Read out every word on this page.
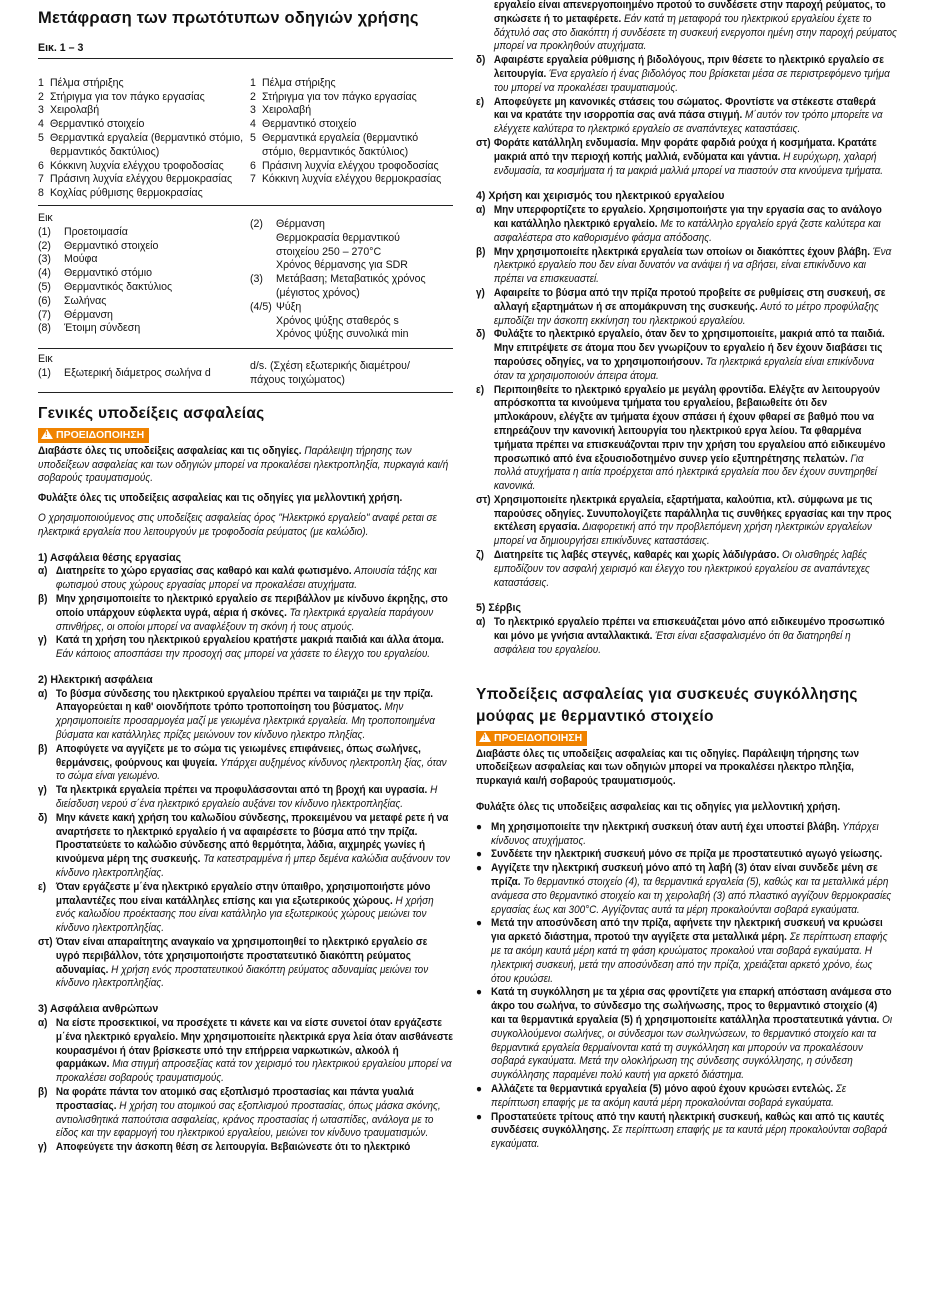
Μετάφραση των πρωτότυπων οδηγιών χρήσης
Εικ. 1 – 3
1 Πέλμα στήριξης
2 Στήριγμα για τον πάγκο εργασίας
3 Χειρολαβή
4 Θερμαντικό στοιχείο
5 Θερμαντικά εργαλεία (θερμαντικό στόμιο, θερμαντικός δακτύλιος)
6 Κόκκινη λυχνία ελέγχου τροφοδοσίας
7 Πράσινη λυχνία ελέγχου θερμοκρασίας
8 Κοχλίας ρύθμισης θερμοκρασίας
1 Πέλμα στήριξης
2 Στήριγμα για τον πάγκο εργασίας
3 Χειρολαβή
4 Θερμαντικό στοιχείο
5 Θερμαντικά εργαλεία (θερμαντικό στόμιο, θερμαντικός δακτύλιος)
6 Πράσινη λυχνία ελέγχου τροφοδοσίας
7 Κόκκινη λυχνία ελέγχου θερμοκρασίας
Εικ
(1)	Προετοιμασία
(2)	Θερμαντικό στοιχείο
(3)	Μούφα
(4)	Θερμαντικό στόμιο
(5)	Θερμαντικός δακτύλιος
(6)	Σωλήνας
(7)	Θέρμανση
(8)	Έτοιμη σύνδεση
(2)	Θέρμανση
Θερμοκρασία θερμαντικού
στοιχείου 250 – 270°C
Χρόνος θέρμανσης για SDR
(3)	Μετάβαση; Μεταβατικός χρόνος
(μέγιστος χρόνος)
(4/5) Ψύξη
Χρόνος ψύξης σταθερός s
Χρόνος ψύξης συνολικά min
Εικ
(1)	Εξωτερική διάμετρος σωλήνα d
d/s. (Σχέση εξωτερικής διαμέτρου/
πάχους τοιχώματος)
Γενικές υποδείξεις ασφαλείας
!ΠΡΟΕΙΔΟΠΟΙΗΣΗ
Διαβάστε όλες τις υποδείξεις ασφαλείας και τις οδηγίες. Παράλειψη τήρησης των υποδείξεων ασφαλείας και των οδηγιών μπορεί να προκαλέσει ηλεκτροπληξία, πυρκαγιά και/ή σοβαρούς τραυματισμούς.
Φυλάξτε όλες τις υποδείξεις ασφαλείας και τις οδηγίες για μελλοντική χρήση.
Ο χρησιμοποιούμενος στις υποδείξεις ασφαλείας όρος "Ηλεκτρικό εργαλείο" αναφέ ρεται σε ηλεκτρικά εργαλεία που λειτουργούν με τροφοδοσία ρεύματος (με καλώδιο).
1) Ασφάλεια θέσης εργασίας
α) Διατηρείτε το χώρο εργασίας σας καθαρό και καλά φωτισμένο. Αποιυσία τάξης και φωτισμού στους χώρους εργασίας μπορεί να προκαλέσει ατυχήματα.
β) Μην χρησιμοποιείτε το ηλεκτρικό εργαλείο σε περιβάλλον με κίνδυνο έκρηξης, στο οποίο υπάρχουν εύφλεκτα υγρά, αέρια ή σκόνες. Τα ηλεκτρικά εργαλεία παράγουν σπινθήρες, οι οποίοι μπορεί να αναφλέξουν τη σκόνη ή τους ατμούς.
γ) Κατά τη χρήση του ηλεκτρικού εργαλείου κρατήστε μακριά παιδιά και άλλα άτομα. Εάν κάποιος αποσπάσει την προσοχή σας μπορεί να χάσετε το έλεγχο του εργαλείου.
2) Ηλεκτρική ασφάλεια
α) Το βύσμα σύνδεσης του ηλεκτρικού εργαλείου πρέπει να ταιριάζει με την πρίζα. Απαγορεύεται η καθ' οιονδήποτε τρόπο τροποποίηση του βύσματος. Μην χρησιμοποιείτε προσαρμογέα μαζί με γειωμένα ηλεκτρικά εργαλεία. Μη τροποποιημένα βύσματα και κατάλληλες πρίζες μειώνουν τον κίνδυνο ηλεκτρο πληξίας.
β) Αποφύγετε να αγγίζετε με το σώμα τις γειωμένες επιφάνειες, όπως σωλήνες, θερμάνσεις, φούρνους και ψυγεία. Υπάρχει αυξημένος κίνδυνος ηλεκτροπλη ξίας, όταν το σώμα είναι γειωμένο.
γ) Τα ηλεκτρικά εργαλεία πρέπει να προφυλάσσονται από τη βροχή και υγρασία. Η διείσδυση νερού σ΄ένα ηλεκτρικό εργαλείο αυξάνει τον κίνδυνο ηλεκτροπληξίας.
δ) Μην κάνετε κακή χρήση του καλωδίου σύνδεσης, προκειμένου να μεταφέ ρετε ή να αναρτήσετε το ηλεκτρικό εργαλείο ή να αφαιρέσετε το βύσμα από την πρίζα. Προστατεύετε το καλώδιο σύνδεσης από θερμότητα, λάδια, αιχμηρές γωνίες ή κινούμενα μέρη της συσκευής. Τα κατεστραμμένα ή μπερ δεμένα καλώδια αυξάνουν τον κίνδυνο ηλεκτροπληξίας.
ε) Όταν εργάζεστε μ΄ένα ηλεκτρικό εργαλείο στην ύπαιθρο, χρησιμοποιήστε μόνο μπαλαντέζες που είναι κατάλληλες επίσης και για εξωτερικούς χώρους. Η χρήση ενός καλωδίου προέκτασης που είναι κατάλληλο για εξωτερικούς χώρους μειώνει τον κίνδυνο ηλεκτροπληξίας.
στ) Όταν είναι απαραίτητης αναγκαίο να χρησιμοποιηθεί το ηλεκτρικό εργαλείο σε υγρό περιβάλλον, τότε χρησιμοποιήστε προστατευτικό διακόπτη ρεύματος αδυναμίας. Η χρήση ενός προστατευτικού διακόπτη ρεύματος αδυναμίας μειώνει τον κίνδυνο ηλεκτροπληξίας.
3) Ασφάλεια ανθρώπων
α) Να είστε προσεκτικοί, να προσέχετε τι κάνετε και να είστε συνετοί όταν εργάζεστε μ΄ένα ηλεκτρικό εργαλείο. Μην χρησιμοποιείτε ηλεκτρικά εργα λεία όταν αισθάνεστε κουρασμένοι ή όταν βρίσκεστε υπό την επήρρεια ναρκωτικών, αλκοόλ ή φαρμάκων. Μια στιγμή απροσεξίας κατά τον χειρισμό του ηλεκτρικού εργαλείου μπορεί να προκαλέσει σοβαρούς τραυματισμούς.
β) Να φοράτε πάντα τον ατομικό σας εξοπλισμό προστασίας και πάντα γυαλιά προστασίας. Η χρήση του ατομικού σας εξοπλισμού προστασίας, όπως μάσκα σκόνης, αντιολισθητικά παπούτσια ασφαλείας, κράνος προστασίας ή ωτασπίδες, ανάλογα με το είδος και την εφαρμογή του ηλεκτρικού εργαλείου, μειώνει τον κίνδυνο τραυματισμών.
γ) Αποφεύγετε την άσκοπη θέση σε λειτουργία. Βεβαιώνεστε ότι το ηλεκτρικό
εργαλείο είναι απενεργοποιημένο προτού το συνδέσετε στην παροχή ρεύματος, το σηκώσετε ή το μεταφέρετε. Εάν κατά τη μεταφορά του ηλεκτρικού εργαλείου έχετε το δάχτυλό σας στο διακόπτη ή συνδέσετε τη συσκευή ενεργοποι ημένη στην παροχή ρεύματος μπορεί να προκληθούν ατυχήματα.
δ) Αφαιρέστε εργαλεία ρύθμισης ή βιδολόγους, πριν θέσετε το ηλεκτρικό εργαλείο σε λειτουργία. Ένα εργαλείο ή ένας βιδολόγος που βρίσκεται μέσα σε περιστρεφόμενο τμήμα του μπορεί να προκαλέσει τραυματισμούς.
ε) Αποφεύγετε μη κανονικές στάσεις του σώματος. Φροντίστε να στέκεστε σταθερά και να κρατάτε την ισορροπία σας ανά πάσα στιγμή. Μ΄αυτόν τον τρόπο μπορείτε να ελέγχετε καλύτερα το ηλεκτρικό εργαλείο σε αναπάντεχες καταστάσεις.
στ) Φοράτε κατάλληλη ενδυμασία. Μην φοράτε φαρδιά ρούχα ή κοσμήματα. Κρατάτε μακριά από την περιοχή κοπής μαλλιά, ενδύματα και γάντια. Η ευρύχωρη, χαλαρή ενδυμασία, τα κοσμήματα ή τα μακριά μαλλιά μπορεί να πιαστούν στα κινούμενα τμήματα.
4) Χρήση και χειρισμός του ηλεκτρικού εργαλείου
α) Μην υπερφορτίζετε το εργαλείο. Χρησιμοποιήστε για την εργασία σας το ανάλογο και κατάλληλο ηλεκτρικό εργαλείο. Με το κατάλληλο εργαλείο εργά ζεστε καλύτερα και ασφαλέστερα στο καθορισμένο φάσμα απόδοσης.
β) Μην χρησιμοποιείτε ηλεκτρικά εργαλεία των οποίων οι διακόπτες έχουν βλάβη. Ένα ηλεκτρικό εργαλείο που δεν είναι δυνατόν να ανάψει ή να σβήσει, είναι επικίνδυνο και πρέπει να επισκευαστεί.
γ) Αφαιρείτε το βύσμα από την πρίζα προτού προβείτε σε ρυθμίσεις στη συσκευή, σε αλλαγή εξαρτημάτων ή σε απομάκρυνση της συσκευής. Αυτό το μέτρο προφύλαξης εμποδίζει την άσκοπη εκκίνηση του ηλεκτρικού εργαλείου.
δ) Φυλάξτε το ηλεκτρικό εργαλείο, όταν δεν το χρησιμοποιείτε, μακριά από τα παιδιά. Μην επιτρέψετε σε άτομα που δεν γνωρίζουν το εργαλείο ή δεν έχουν διαβάσει τις παρούσες οδηγίες, να το χρησιμοποιήσουν. Τα ηλεκτρικά εργαλεία είναι επικίνδυνα όταν τα χρησιμοποιούν άπειρα άτομα.
ε) Περιποιηθείτε το ηλεκτρικό εργαλείο με μεγάλη φροντίδα. Ελέγξτε αν λειτουργούν απρόσκοπτα τα κινούμενα τμήματα του εργαλείου, βεβαιωθείτε ότι δεν μπλοκάρουν, ελέγξτε αν τμήματα έχουν σπάσει ή έχουν φθαρεί σε βαθμό που να επηρεάζουν την κανονική λειτουργία του ηλεκτρικού εργα λείου. Τα φθαρμένα τμήματα πρέπει να επισκευάζονται πριν την χρήση του εργαλείου από ειδικευμένο προσωπικό από ένα εξουσιοδοτημένο συνερ γείο εξυπηρέτησης πελατών. Για πολλά ατυχήματα η αιτία προέρχεται από ηλεκτρικά εργαλεία που δεν έχουν συντηρηθεί κανονικά.
στ) Χρησιμοποιείτε ηλεκτρικά εργαλεία, εξαρτήματα, καλούπια, κτλ. σύμφωνα με τις παρούσες οδηγίες. Συνυπολογίζετε παράλληλα τις συνθήκες εργασίας και την προς εκτέλεση εργασία. Διαφορετική από την προβλεπόμενη χρήση ηλεκτρικών εργαλείων μπορεί να δημιουργήσει επικίνδυνες καταστάσεις.
ζ) Διατηρείτε τις λαβές στεγνές, καθαρές και χωρίς λάδι/γράσο. Οι ολισθηρές λαβές εμποδίζουν τον ασφαλή χειρισμό και έλεγχο του ηλεκτρικού εργαλείου σε αναπάντεχες καταστάσεις.
5) Σέρβις
α) Το ηλεκτρικό εργαλείο πρέπει να επισκευάζεται μόνο από ειδικευμένο προσωπικό και μόνο με γνήσια ανταλλακτικά. Έτσι είναι εξασφαλισμένο ότι θα διατηρηθεί η ασφάλεια του εργαλείου.
Υποδείξεις ασφαλείας για συσκευές συγκόλλησης μούφας με θερμαντικό στοιχείο
!ΠΡΟΕΙΔΟΠΟΙΗΣΗ
Διαβάστε όλες τις υποδείξεις ασφαλείας και τις οδηγίες. Παράλειψη τήρησης των υποδείξεων ασφαλείας και των οδηγιών μπορεί να προκαλέσει ηλεκτρο πληξία, πυρκαγιά και/ή σοβαρούς τραυματισμούς.
Φυλάξτε όλες τις υποδείξεις ασφαλείας και τις οδηγίες για μελλοντική χρήση.
● Μη χρησιμοποιείτε την ηλεκτρική συσκευή όταν αυτή έχει υποστεί βλάβη. Υπάρχει κίνδυνος ατυχήματος.
● Συνδέετε την ηλεκτρική συσκευή μόνο σε πρίζα με προστατευτικό αγωγό γείωσης.
● Αγγίζετε την ηλεκτρική συσκευή μόνο από τη λαβή (3) όταν είναι συνδεδε μένη σε πρίζα. Το θερμαντικό στοιχείο (4), τα θερμαντικά εργαλεία (5), καθώς και τα μεταλλικά μέρη ανάμεσα στο θερμαντικό στοιχείο και τη χειρολαβή (3) από πλαστικό αγγίζουν θερμοκρασίες εργασίας έως και 300°C. Αγγίζοντας αυτά τα μέρη προκαλούνται σοβαρά εγκαύματα.
● Μετά την αποσύνδεση από την πρίζα, αφήνετε την ηλεκτρική συσκευή να κρυώσει για αρκετό διάστημα, προτού την αγγίξετε στα μεταλλικά μέρη. Σε περίπτωση επαφής με τα ακόμη καυτά μέρη κατά τη φάση κρυώματος προκαλού νται σοβαρά εγκαύματα. Η ηλεκτρική συσκευή, μετά την αποσύνδεση από την πρίζα, χρειάζεται αρκετό χρόνο, έως ότου κρυώσει.
● Κατά τη συγκόλληση με τα χέρια σας φροντίζετε για επαρκή απόσταση ανάμεσα στο άκρο του σωλήνα, το σύνδεσμο της σωλήνωσης, προς το θερμαντικό στοιχείο (4) και τα θερμαντικά εργαλεία (5) ή χρησιμοποιείτε κατάλληλα προστατευτικά γάντια. Οι συγκολλούμενοι σωλήνες, οι σύνδεσμοι των σωληνώσεων, το θερμαντικό στοιχείο και τα θερμαντικά εργαλεία θερμαίνονται κατά τη συγκόλληση και μπορούν να προκαλέσουν σοβαρά εγκαύματα. Μετά την ολοκλήρωση της σύνδεσης συγκόλλησης, η σύνδεση συγκόλλησης παραμένει πολύ καυτή για αρκετό διάστημα.
● Αλλάζετε τα θερμαντικά εργαλεία (5) μόνο αφού έχουν κρυώσει εντελώς. Σε περίπτωση επαφής με τα ακόμη καυτά μέρη προκαλούνται σοβαρά εγκαύματα.
● Προστατεύετε τρίτους από την καυτή ηλεκτρική συσκευή, καθώς και από τις καυτές συνδέσεις συγκόλλησης. Σε περίπτωση επαφής με τα καυτά μέρη προκαλούνται σοβαρά εγκαύματα.
